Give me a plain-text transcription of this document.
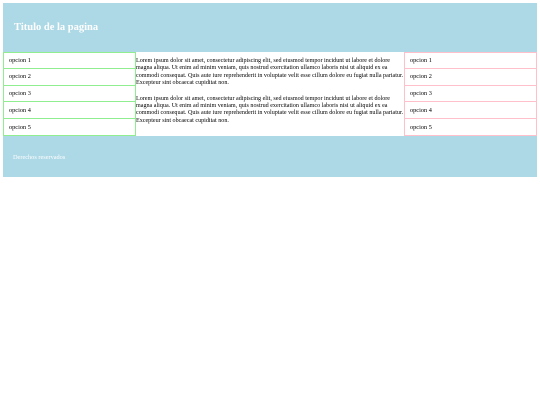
Titulo de la pagina
opcion 1
opcion 2
opcion 3
opcion 4
opcion 5

Lorem ipsum dolor sit amet, consectetur adipiscing elit, sed eiusmod tempor incidunt ut labore et dolore magna aliqua. Ut enim ad minim veniam, quis nostrud exercitation ullamco laboris nisi ut aliquid ex ea commodi consequat. Quis aute iure reprehenderit in voluptate velit esse cillum dolore eu fugiat nulla pariatur. Excepteur sint obcaecat cupiditat non.

Lorem ipsum dolor sit amet, consectetur adipiscing elit, sed eiusmod tempor incidunt ut labore et dolore magna aliqua. Ut enim ad minim veniam, quis nostrud exercitation ullamco laboris nisi ut aliquid ex ea commodi consequat. Quis aute iure reprehenderit in voluptate velit esse cillum dolore eu fugiat nulla pariatur. Excepteur sint obcaecat cupiditat non.

opcion 1
opcion 2
opcion 3
opcion 4
opcion 5
Derechos reservados
